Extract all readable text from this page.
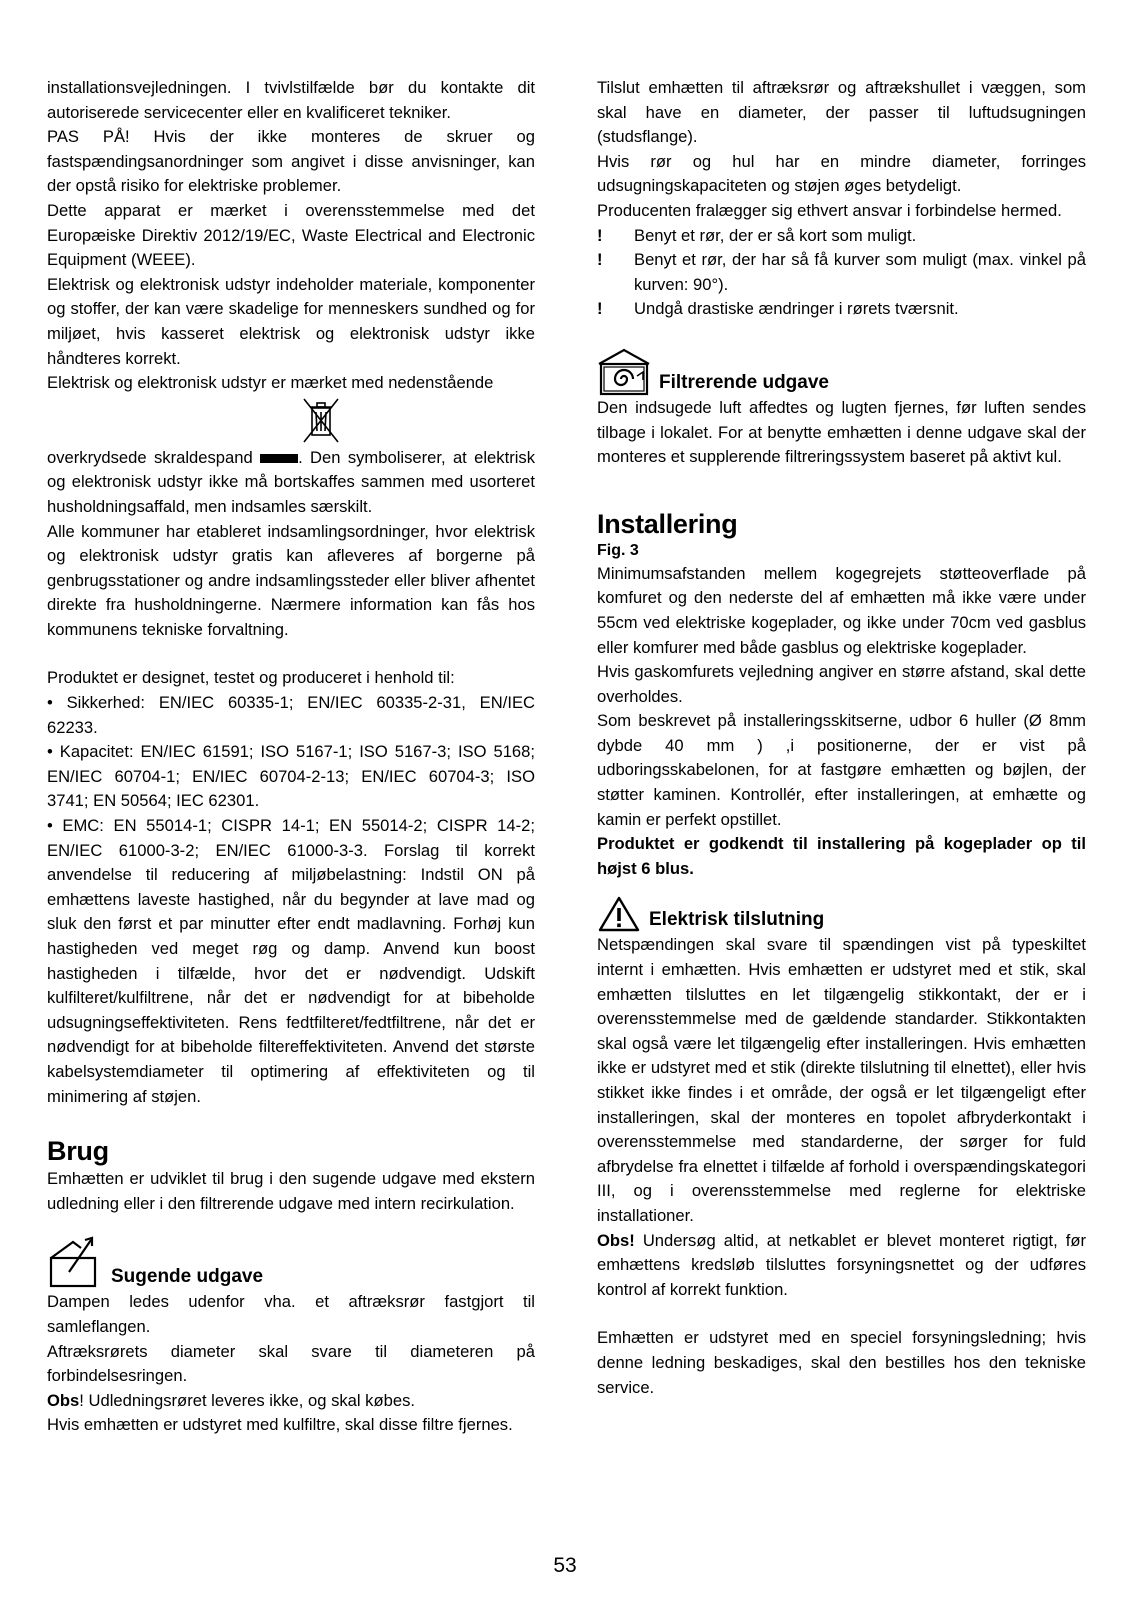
installationsvejledningen. I tvivlstilfælde bør du kontakte dit autoriserede servicecenter eller en kvalificeret tekniker.

PAS PÅ! Hvis der ikke monteres de skruer og fastspændingsanordninger som angivet i disse anvisninger, kan der opstå risiko for elektriske problemer.

Dette apparat er mærket i overensstemmelse med det Europæiske Direktiv 2012/19/EC, Waste Electrical and Electronic Equipment (WEEE).

Elektrisk og elektronisk udstyr indeholder materiale, komponenter og stoffer, der kan være skadelige for menneskers sundhed og for miljøet, hvis kasseret elektrisk og elektronisk udstyr ikke håndteres korrekt.

Elektrisk og elektronisk udstyr er mærket med nedenstående

overkrydsede skraldespand	. Den symboliserer, at elektrisk og elektronisk udstyr ikke må bortskaffes sammen med usorteret husholdningsaffald, men indsamles særskilt.

Alle kommuner har etableret indsamlingsordninger, hvor elektrisk og elektronisk udstyr gratis kan afleveres af borgerne på genbrugsstationer og andre indsamlingssteder eller bliver afhentet direkte fra husholdningerne. Nærmere information kan fås hos kommunens tekniske forvaltning.

Produktet er designet, testet og produceret i henhold til:

• Sikkerhed: EN/IEC 60335-1; EN/IEC 60335-2-31, EN/IEC 62233.

• Kapacitet: EN/IEC 61591; ISO 5167-1; ISO 5167-3; ISO 5168; EN/IEC 60704-1; EN/IEC 60704-2-13; EN/IEC 60704-3; ISO 3741; EN 50564; IEC 62301.

• EMC: EN 55014-1; CISPR 14-1; EN 55014-2; CISPR 14-2; EN/IEC 61000-3-2; EN/IEC 61000-3-3. Forslag til korrekt anvendelse til reducering af miljøbelastning: Indstil ON på emhættens laveste hastighed, når du begynder at lave mad og sluk den først et par minutter efter endt madlavning. Forhøj kun hastigheden ved meget røg og damp. Anvend kun boost hastigheden i tilfælde, hvor det er nødvendigt. Udskift kulfilteret/kulfiltrene, når det er nødvendigt for at bibeholde udsugningseffektiviteten. Rens fedtfilteret/fedtfiltrene, når det er nødvendigt for at bibeholde filtereffektiviteten. Anvend det største kabelsystemdiameter til optimering af effektiviteten og til minimering af støjen.

Brug

Emhætten er udviklet til brug i den sugende udgave med ekstern udledning eller i den filtrerende udgave med intern recirkulation.

Sugende udgave

Dampen ledes udenfor vha. et aftræksrør fastgjort til samleflangen.

Aftræksrørets diameter skal svare til diameteren på forbindelsesringen.

Obs! Udledningsrøret leveres ikke, og skal købes.

Hvis emhætten er udstyret med kulfiltre, skal disse filtre fjernes.

Tilslut emhætten til aftræksrør og aftrækshullet i væggen, som skal have en diameter, der passer til luftudsugningen (studsflange).

Hvis rør og hul har en mindre diameter, forringes udsugningskapaciteten og støjen øges betydeligt.

Producenten fralægger sig ethvert ansvar i forbindelse hermed.

!	Benyt et rør, der er så kort som muligt.
!	Benyt et rør, der har så få kurver som muligt (max. vinkel på kurven: 90°).
!	Undgå drastiske ændringer i rørets tværsnit.
Filtrerende udgave

Den indsugede luft affedtes og lugten fjernes, før luften sendes tilbage i lokalet. For at benytte emhætten i denne udgave skal der monteres et supplerende filtreringssystem baseret på aktivt kul.

Installering

Fig. 3

Minimumsafstanden mellem kogegrejets støtteoverflade på komfuret og den nederste del af emhætten må ikke være under 55cm ved elektriske kogeplader, og ikke under 70cm ved gasblus eller komfurer med både gasblus og elektriske kogeplader.

Hvis gaskomfurets vejledning angiver en større afstand, skal dette overholdes.

Som beskrevet på installeringsskitserne, udbor 6 huller (Ø 8mm dybde 40 mm ) ,i positionerne, der er vist på udboringsskabelonen, for at fastgøre emhætten og bøjlen, der støtter kaminen. Kontrollér, efter installeringen, at emhætte og kamin er perfekt opstillet.

Produktet er godkendt til installering på kogeplader op til højst 6 blus.

Elektrisk tilslutning

Netspændingen skal svare til spændingen vist på typeskiltet internt i emhætten. Hvis emhætten er udstyret med et stik, skal emhætten tilsluttes en let tilgængelig stikkontakt, der er i overensstemmelse med de gældende standarder. Stikkontakten skal også være let tilgængelig efter installeringen. Hvis emhætten ikke er udstyret med et stik (direkte tilslutning til elnettet), eller hvis stikket ikke findes i et område, der også er let tilgængeligt efter installeringen, skal der monteres en topolet afbryderkontakt i overensstemmelse med standarderne, der sørger for fuld afbrydelse fra elnettet i tilfælde af forhold i overspændingskategori III, og i overensstemmelse med reglerne for elektriske installationer.

Obs! Undersøg altid, at netkablet er blevet monteret rigtigt, før emhættens kredsløb tilsluttes forsyningsnettet og der udføres kontrol af korrekt funktion.

Emhætten er udstyret med en speciel forsyningsledning; hvis denne ledning beskadiges, skal den bestilles hos den tekniske service.

53
